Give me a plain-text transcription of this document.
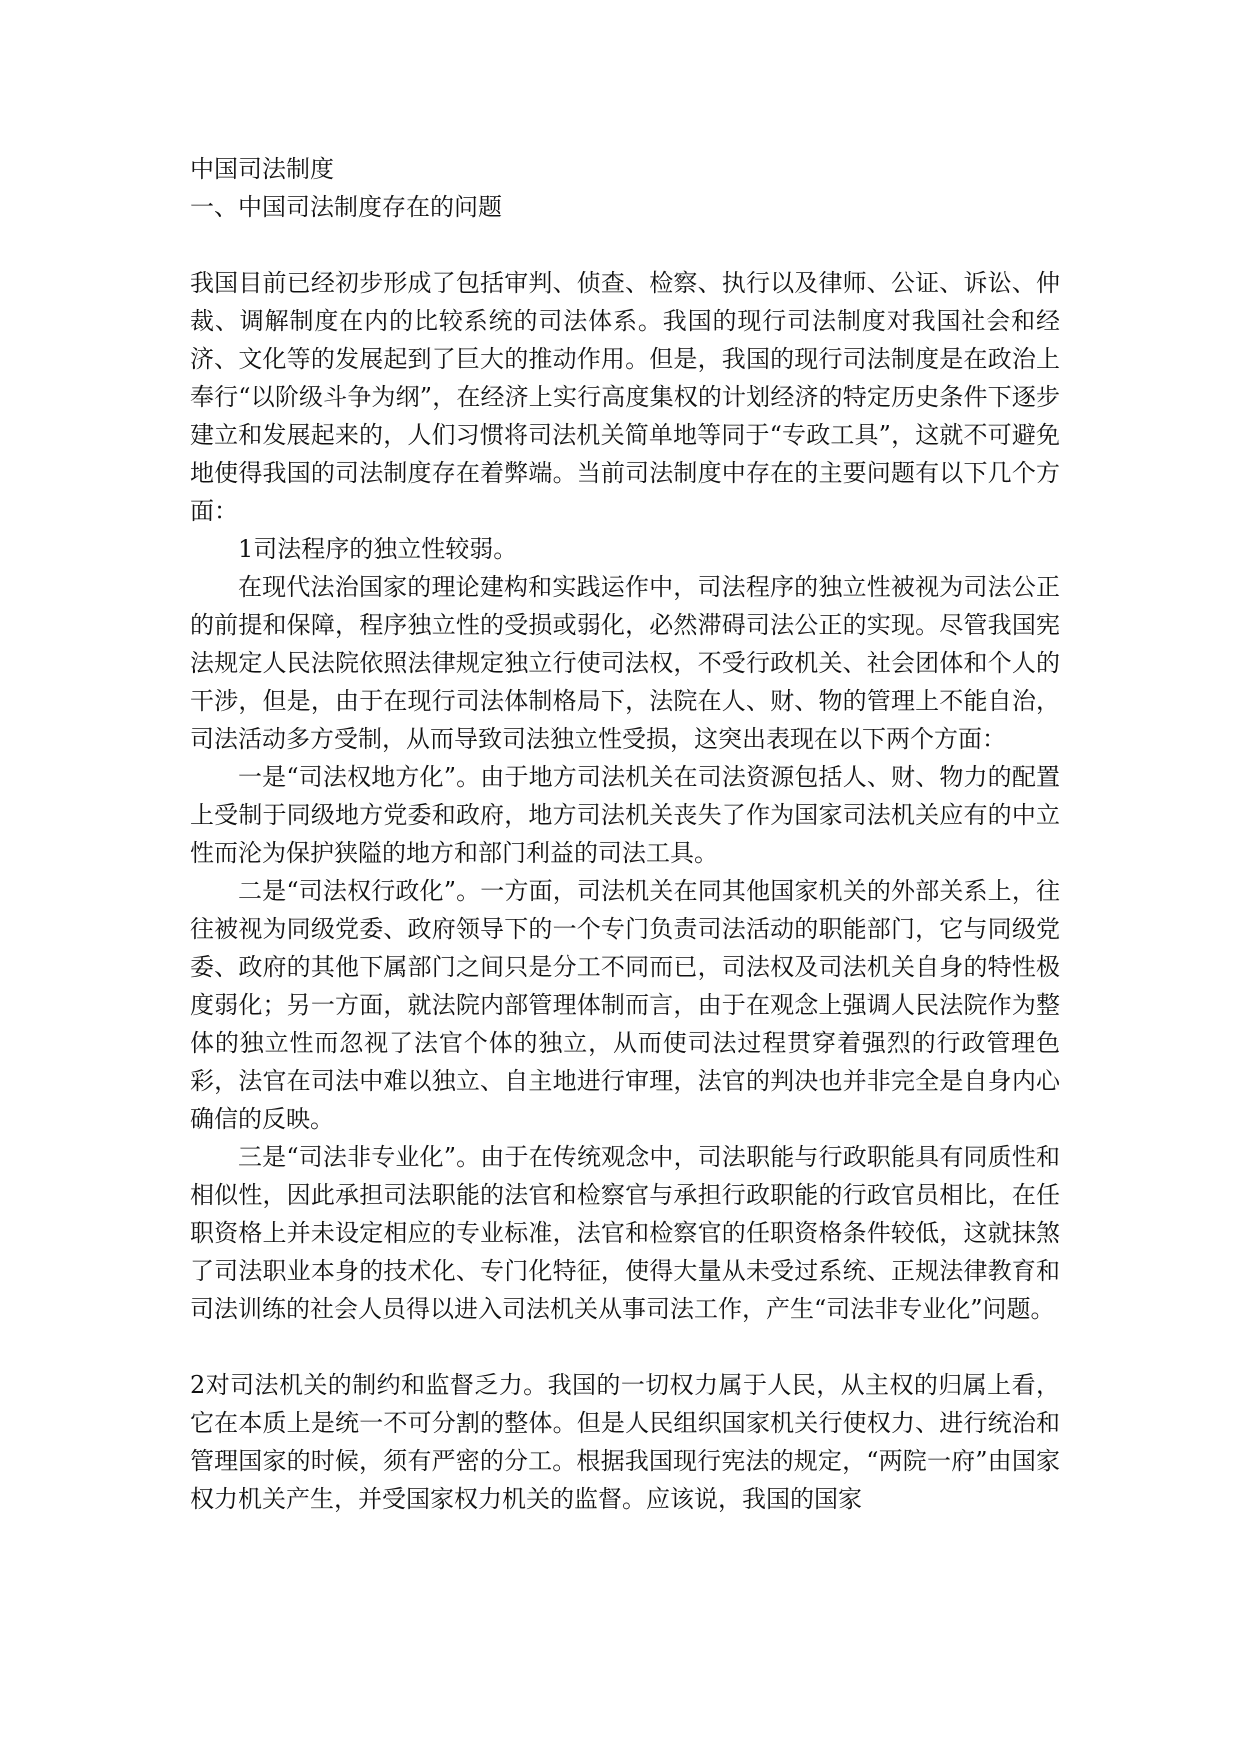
中国司法制度

一、中国司法制度存在的问题

我国目前已经初步形成了包括审判、侦查、检察、执行以及律师、公证、诉讼、仲裁、调解制度在内的比较系统的司法体系。我国的现行司法制度对我国社会和经济、文化等的发展起到了巨大的推动作用。但是，我国的现行司法制度是在政治上奉行“以阶级斗争为纲”，在经济上实行高度集权的计划经济的特定历史条件下逐步建立和发展起来的，人们习惯将司法机关简单地等同于“专政工具”，这就不可避免地使得我国的司法制度存在着弊端。当前司法制度中存在的主要问题有以下几个方面：

1司法程序的独立性较弱。

在现代法治国家的理论建构和实践运作中，司法程序的独立性被视为司法公正的前提和保障，程序独立性的受损或弱化，必然滞碍司法公正的实现。尽管我国宪法规定人民法院依照法律规定独立行使司法权，不受行政机关、社会团体和个人的干涉，但是，由于在现行司法体制格局下，法院在人、财、物的管理上不能自治，司法活动多方受制，从而导致司法独立性受损，这突出表现在以下两个方面：

一是“司法权地方化”。由于地方司法机关在司法资源包括人、财、物力的配置上受制于同级地方党委和政府，地方司法机关丧失了作为国家司法机关应有的中立性而沦为保护狭隘的地方和部门利益的司法工具。

二是“司法权行政化”。一方面，司法机关在同其他国家机关的外部关系上，往往被视为同级党委、政府领导下的一个专门负责司法活动的职能部门，它与同级党委、政府的其他下属部门之间只是分工不同而已，司法权及司法机关自身的特性极度弱化；另一方面，就法院内部管理体制而言，由于在观念上强调人民法院作为整体的独立性而忽视了法官个体的独立，从而使司法过程贯穿着强烈的行政管理色彩，法官在司法中难以独立、自主地进行审理，法官的判决也并非完全是自身内心确信的反映。

三是“司法非专业化”。由于在传统观念中，司法职能与行政职能具有同质性和相似性，因此承担司法职能的法官和检察官与承担行政职能的行政官员相比，在任职资格上并未设定相应的专业标准，法官和检察官的任职资格条件较低，这就抹煞了司法职业本身的技术化、专门化特征，使得大量从未受过系统、正规法律教育和司法训练的社会人员得以进入司法机关从事司法工作，产生“司法非专业化”问题。

2对司法机关的制约和监督乏力。我国的一切权力属于人民，从主权的归属上看，它在本质上是统一不可分割的整体。但是人民组织国家机关行使权力、进行统治和管理国家的时候，须有严密的分工。根据我国现行宪法的规定，“两院一府”由国家权力机关产生，并受国家权力机关的监督。应该说，我国的国家
